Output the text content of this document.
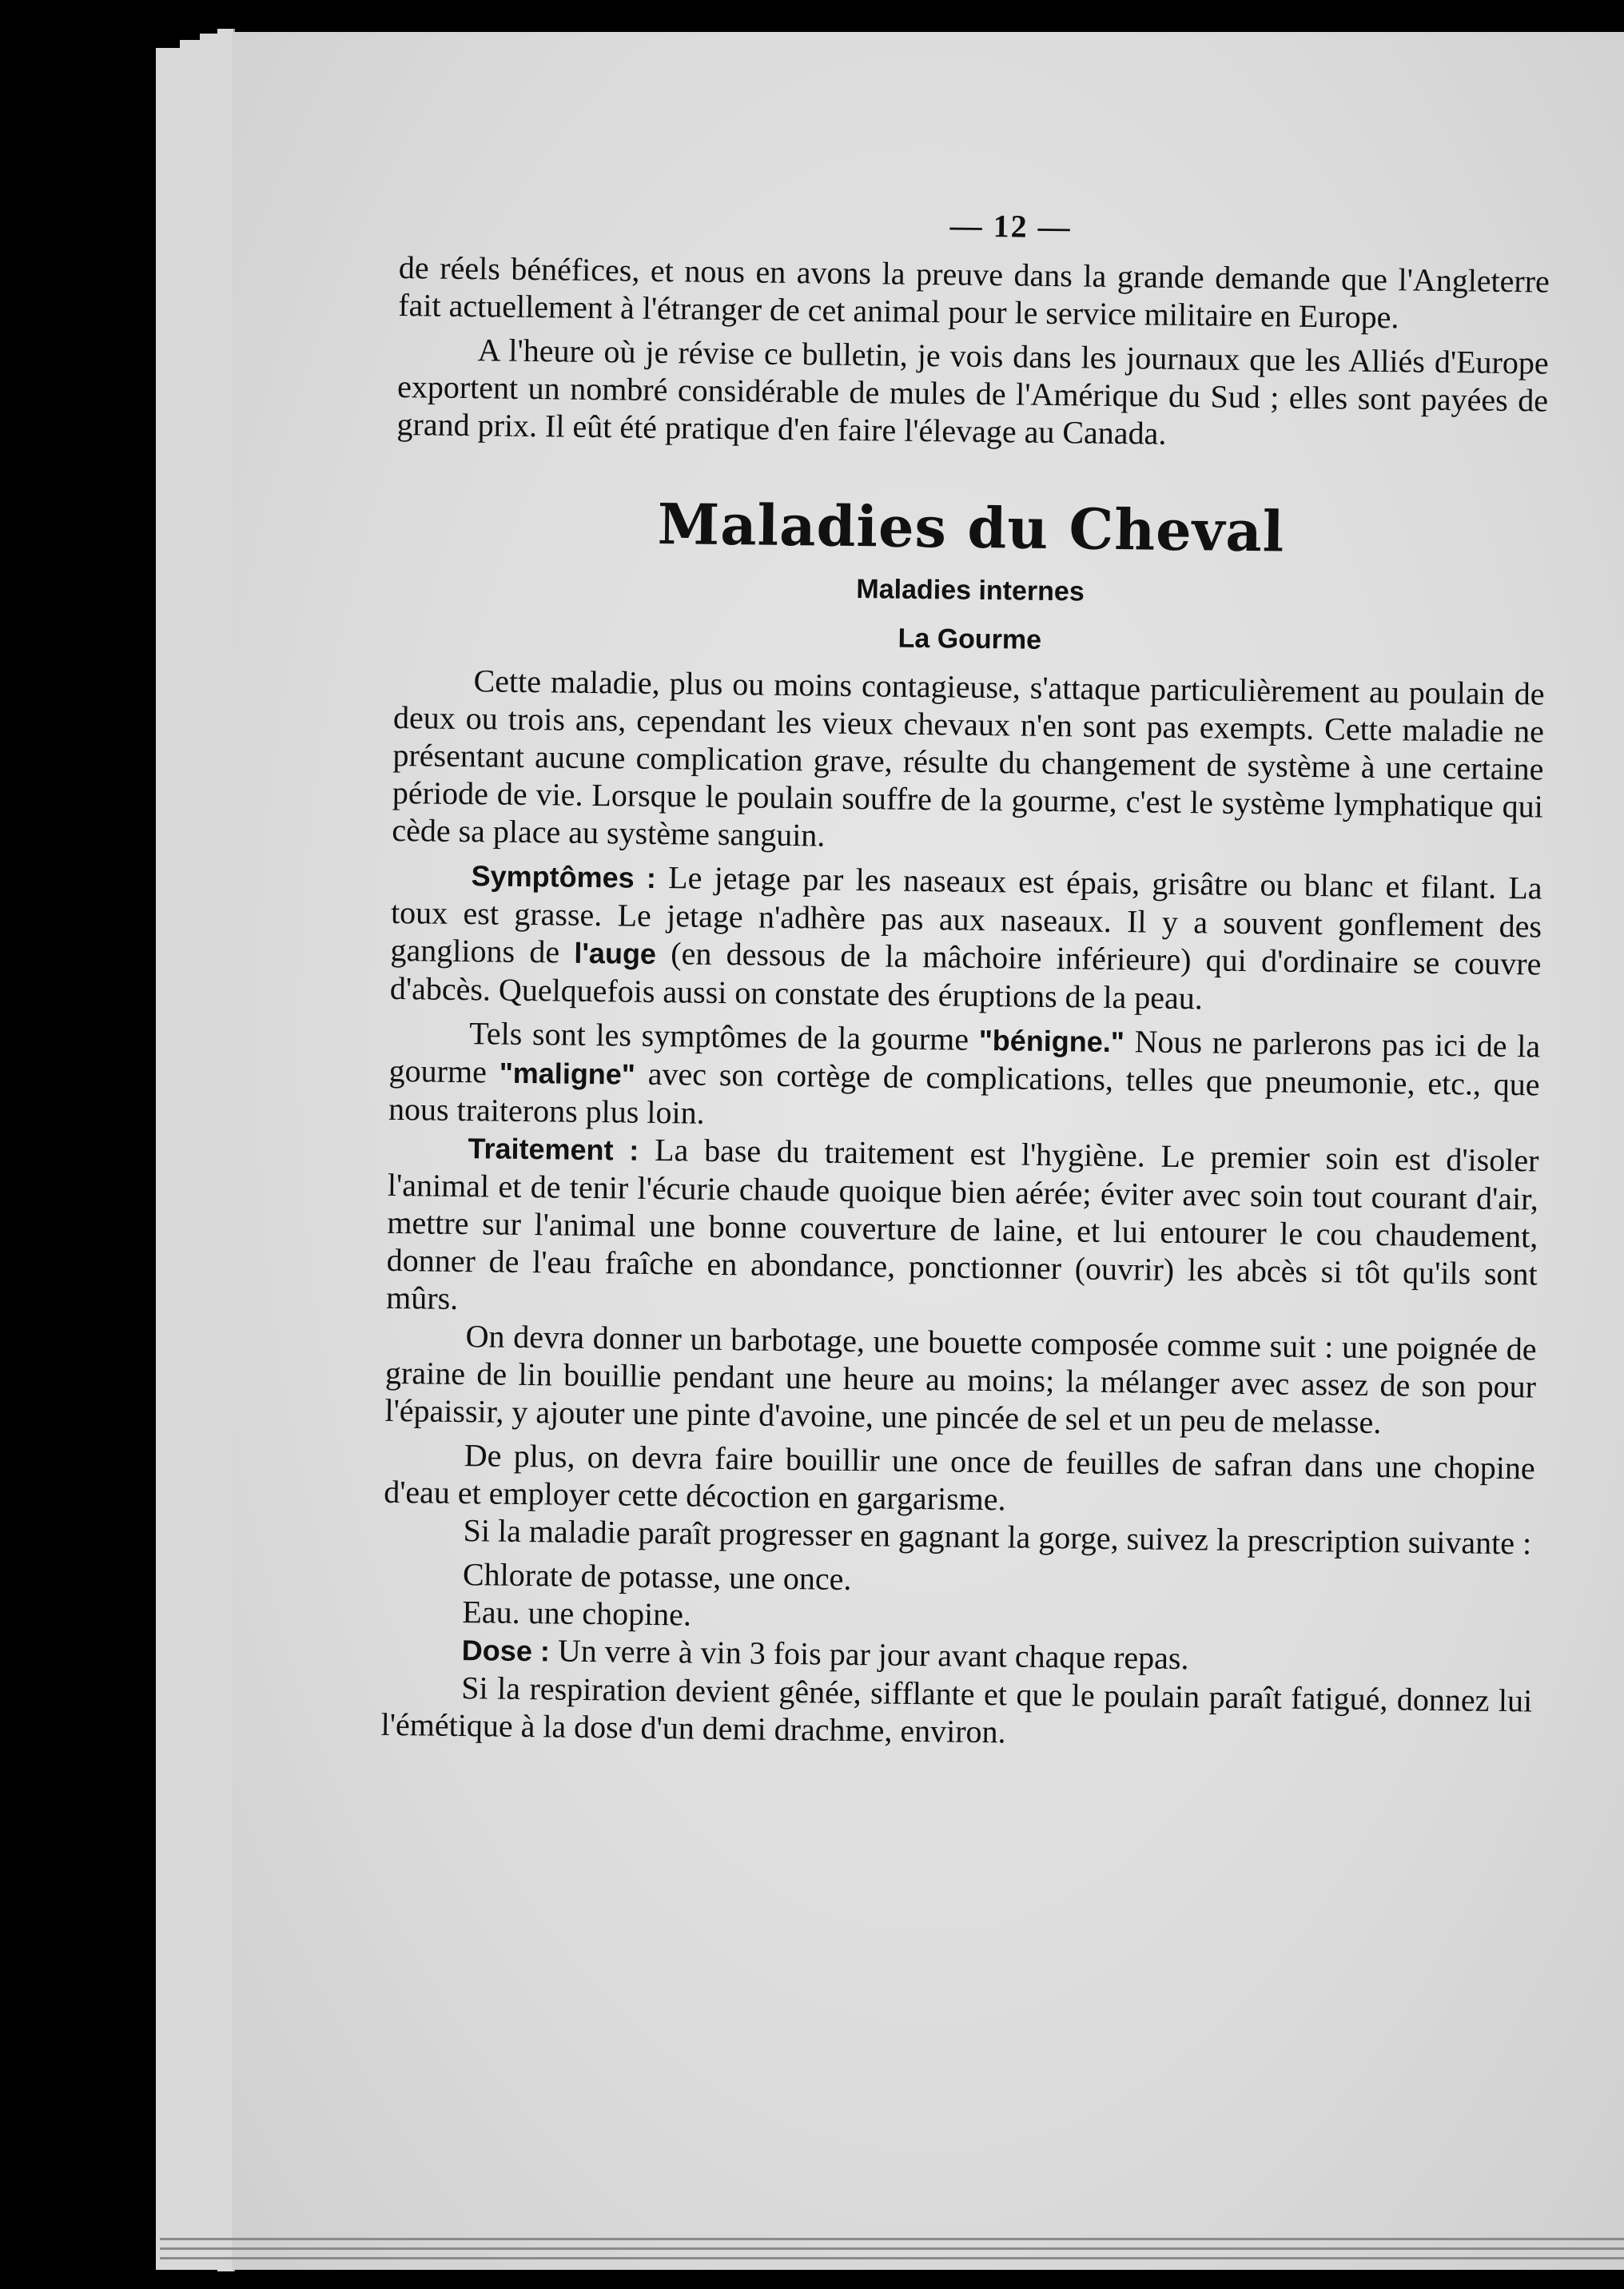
— 12 —

de réels bénéfices, et nous en avons la preuve dans la grande demande que l'Angleterre fait actuellement à l'étranger de cet animal pour le service militaire en Europe.

A l'heure où je révise ce bulletin, je vois dans les journaux que les Alliés d'Europe exportent un nombré considérable de mules de l'Amérique du Sud ; elles sont payées de grand prix. Il eût été pratique d'en faire l'élevage au Canada.

Maladies du Cheval
Maladies internes
La Gourme

Cette maladie, plus ou moins contagieuse, s'attaque particulièrement au poulain de deux ou trois ans, cependant les vieux chevaux n'en sont pas exempts. Cette maladie ne présentant aucune complication grave, résulte du changement de système à une certaine période de vie. Lorsque le poulain souffre de la gourme, c'est le système lymphatique qui cède sa place au système sanguin.

Symptômes : Le jetage par les naseaux est épais, grisâtre ou blanc et filant. La toux est grasse. Le jetage n'adhère pas aux naseaux. Il y a souvent gonflement des ganglions de l'auge (en dessous de la mâchoire inférieure) qui d'ordinaire se couvre d'abcès. Quelquefois aussi on constate des éruptions de la peau.

Tels sont les symptômes de la gourme "bénigne." Nous ne parlerons pas ici de la gourme "maligne" avec son cortège de complications, telles que pneumonie, etc., que nous traiterons plus loin.

Traitement : La base du traitement est l'hygiène. Le premier soin est d'isoler l'animal et de tenir l'écurie chaude quoique bien aérée; éviter avec soin tout courant d'air, mettre sur l'animal une bonne couverture de laine, et lui entourer le cou chaudement, donner de l'eau fraîche en abondance, ponctionner (ouvrir) les abcès si tôt qu'ils sont mûrs.

On devra donner un barbotage, une bouette composée comme suit : une poignée de graine de lin bouillie pendant une heure au moins; la mélanger avec assez de son pour l'épaissir, y ajouter une pinte d'avoine, une pincée de sel et un peu de melasse.

De plus, on devra faire bouillir une once de feuilles de safran dans une chopine d'eau et employer cette décoction en gargarisme.

Si la maladie paraît progresser en gagnant la gorge, suivez la prescription suivante :

Chlorate de potasse, une once.

Eau. une chopine.

Dose : Un verre à vin 3 fois par jour avant chaque repas.

Si la respiration devient gênée, sifflante et que le poulain paraît fatigué, donnez lui l'émétique à la dose d'un demi drachme, environ.
